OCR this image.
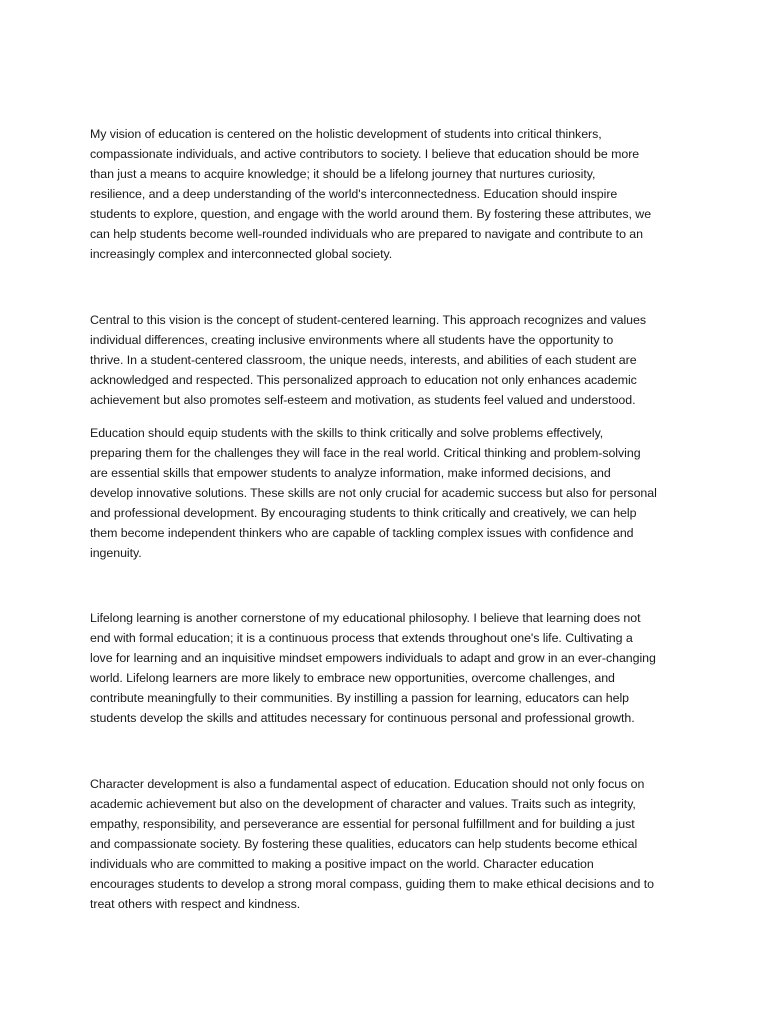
My vision of education is centered on the holistic development of students into critical thinkers,
compassionate individuals, and active contributors to society. I believe that education should be more
than just a means to acquire knowledge; it should be a lifelong journey that nurtures curiosity,
resilience, and a deep understanding of the world's interconnectedness. Education should inspire
students to explore, question, and engage with the world around them. By fostering these attributes, we
can help students become well-rounded individuals who are prepared to navigate and contribute to an
increasingly complex and interconnected global society.

Central to this vision is the concept of student-centered learning. This approach recognizes and values
individual differences, creating inclusive environments where all students have the opportunity to
thrive. In a student-centered classroom, the unique needs, interests, and abilities of each student are
acknowledged and respected. This personalized approach to education not only enhances academic
achievement but also promotes self-esteem and motivation, as students feel valued and understood.

Education should equip students with the skills to think critically and solve problems effectively,
preparing them for the challenges they will face in the real world. Critical thinking and problem-solving
are essential skills that empower students to analyze information, make informed decisions, and
develop innovative solutions. These skills are not only crucial for academic success but also for personal
and professional development. By encouraging students to think critically and creatively, we can help
them become independent thinkers who are capable of tackling complex issues with confidence and
ingenuity.

Lifelong learning is another cornerstone of my educational philosophy. I believe that learning does not
end with formal education; it is a continuous process that extends throughout one's life. Cultivating a
love for learning and an inquisitive mindset empowers individuals to adapt and grow in an ever-changing
world. Lifelong learners are more likely to embrace new opportunities, overcome challenges, and
contribute meaningfully to their communities. By instilling a passion for learning, educators can help
students develop the skills and attitudes necessary for continuous personal and professional growth.

Character development is also a fundamental aspect of education. Education should not only focus on
academic achievement but also on the development of character and values. Traits such as integrity,
empathy, responsibility, and perseverance are essential for personal fulfillment and for building a just
and compassionate society. By fostering these qualities, educators can help students become ethical
individuals who are committed to making a positive impact on the world. Character education
encourages students to develop a strong moral compass, guiding them to make ethical decisions and to
treat others with respect and kindness.
